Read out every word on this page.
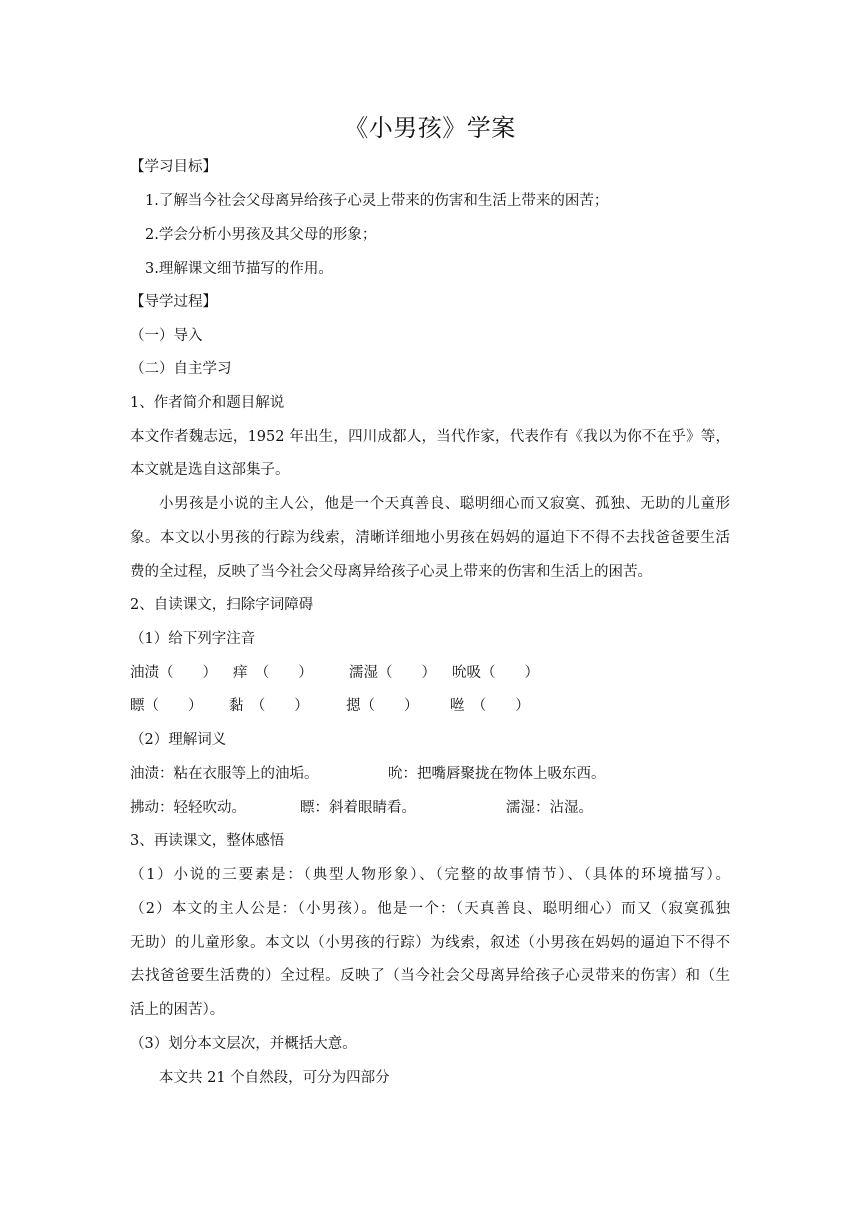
《小男孩》学案
【学习目标】
1.了解当今社会父母离异给孩子心灵上带来的伤害和生活上带来的困苦；
2.学会分析小男孩及其父母的形象；
3.理解课文细节描写的作用。
【导学过程】
（一）导入
（二）自主学习
1、作者简介和题目解说
本文作者魏志远，1952 年出生，四川成都人，当代作家，代表作有《我以为你不在乎》等，
本文就是选自这部集子。
小男孩是小说的主人公，他是一个天真善良、聪明细心而又寂寞、孤独、无助的儿童形
象。本文以小男孩的行踪为线索，清晰详细地小男孩在妈妈的逼迫下不得不去找爸爸要生活
费的全过程，反映了当今社会父母离异给孩子心灵上带来的伤害和生活上的困苦。
2、自读课文，扫除字词障碍
（1）给下列字注音
油渍（　　） 痒　（　　）	濡湿（　　） 吮吸（　　）
瞟（　　） 黏　（　　）	摁（　　） 咝　（　　）
（2）理解词义
油渍：粘在衣服等上的油垢。	吮：把嘴唇聚拢在物体上吸东西。
拂动：轻轻吹动。	瞟：斜着眼睛看。	濡湿：沾湿。
3、再读课文，整体感悟
（1）小说的三要素是：（典型人物形象）、（完整的故事情节）、（具体的环境描写）。
（2）本文的主人公是：（小男孩）。他是一个：（天真善良、聪明细心）而又（寂寞孤独
无助）的儿童形象。本文以（小男孩的行踪）为线索，叙述（小男孩在妈妈的逼迫下不得不
去找爸爸要生活费的）全过程。反映了（当今社会父母离异给孩子心灵带来的伤害）和（生
活上的困苦）。
（3）划分本文层次，并概括大意。
本文共 21 个自然段，可分为四部分
